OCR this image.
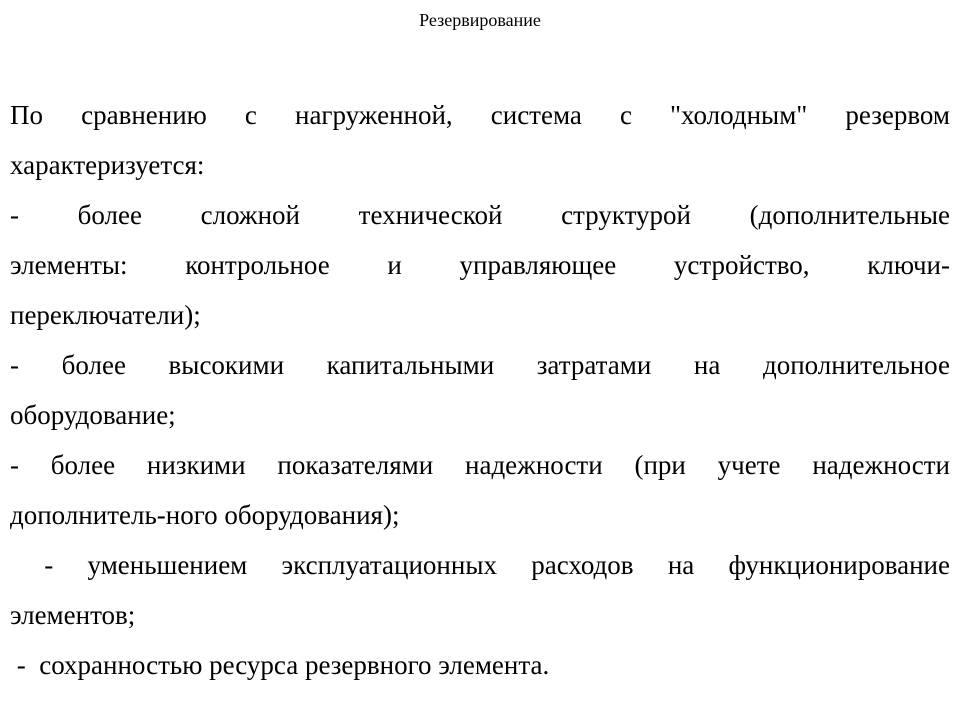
Резервирование
По сравнению с нагруженной, система с "холодным" резервом
характеризуется:
- более сложной технической структурой (дополнительные
элементы: контрольное и управляющее устройство, ключи-
переключатели);
- более высокими капитальными затратами на дополнительное
оборудование;
- более низкими показателями надежности (при учете надежности
дополнитель-ного оборудования);
- уменьшением эксплуатационных расходов на функционирование
элементов;
-  сохранностью ресурса резервного элемента.
